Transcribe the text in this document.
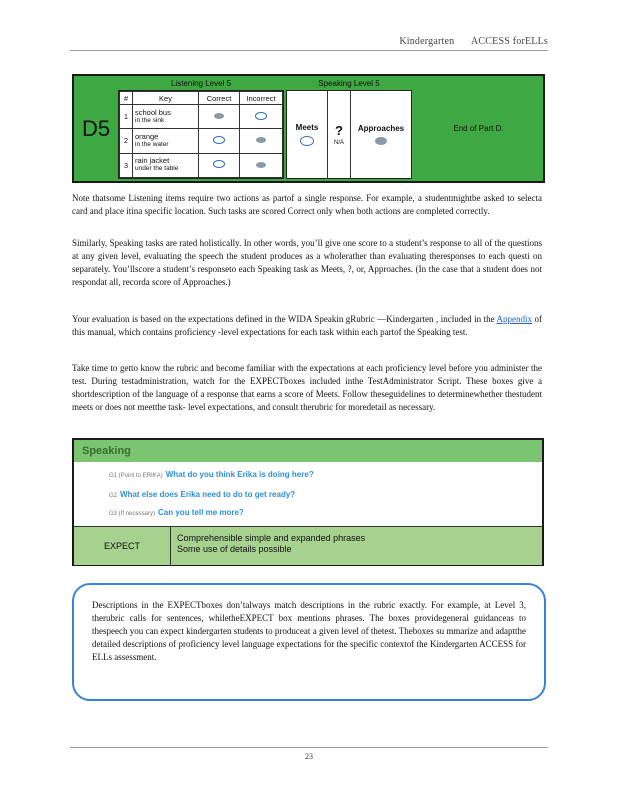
Kindergarten ACCESS forELLs
D5
Listening Level 5
#	Key	Correct	Incorrect
1	school bus
in the sink		

2	orange
in the water		

3	rain jacket
under the table		

Speaking Level 5
Meets ?
N/A
Approaches	End of Part D.
Note thatsome Listening items require two actions as partof a single response. For example, a studentmightbe asked to selecta card and place itina specific location. Such tasks are scored Correct only when both actions are completed correctly.
Similarly, Speaking tasks are rated holistically. In other words, you’ll give one score to a student’s response to all of the questions at any given level, evaluating the speech the student produces as a wholerather than evaluating theresponses to each questi on separately. You’llscore a student’s responseto each Speaking task as Meets, ?, or, Approaches. (In the case that a student does not respondat all, recorda score of Approaches.)
Your evaluation is based on the expectations defined in the WIDA Speakin gRubric —Kindergarten , included in the Appendix of this manual, which contains proficiency -level expectations for each task within each partof the Speaking test.
Take time to getto know the rubric and become familiar with the expectations at each proficiency level before you administer the test. During testadministration, watch for the EXPECTboxes included inthe TestAdministrator Script. These boxes give a shortdescription of the language of a response that earns a score of Meets. Follow theseguidelines to determinewhether thestudent meets or does not meetthe task- level expectations, and consult therubric for moredetail as necessary.
Speaking
G1 (Point to ERIKA) What do you think Erika is doing here?
G2 What else does Erika need to do to get ready?
G3 (If necessary) Can you tell me more?
EXPECT
Comprehensible simple and expanded phrases
Some use of details possible
Descriptions in the EXPECTboxes don’talways match descriptions in the rubric exactly. For example, at Level 3, therubric calls for sentences, whiletheEXPECT box mentions phrases. The boxes providegeneral guidanceas to thespeech you can expect kindergarten students to produceat a given level of thetest. Theboxes su mmarize and adaptthe detailed descriptions of proficiency level language expectations for the specific contextof the Kindergarten ACCESS for ELLs assessment.
23
